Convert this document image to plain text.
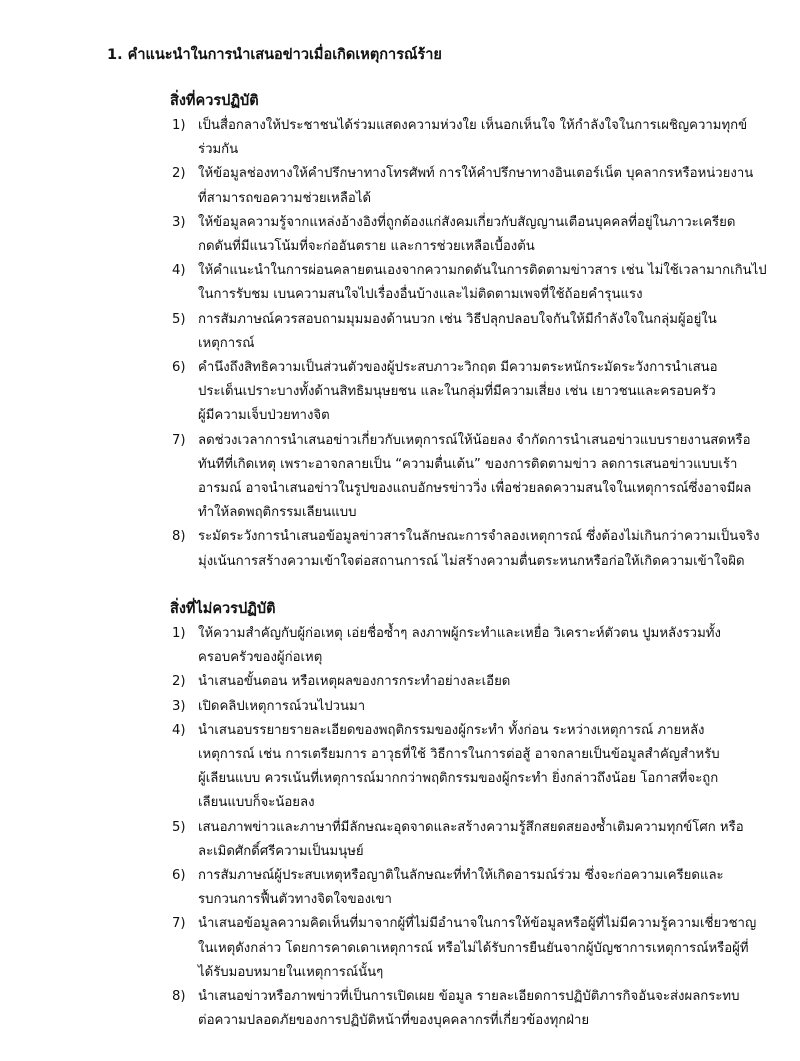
1. คำแนะนำในการนำเสนอข่าวเมื่อเกิดเหตุการณ์ร้าย
สิ่งที่ควรปฏิบัติ
1) เป็นสื่อกลางให้ประชาชนได้ร่วมแสดงความห่วงใย เห็นอกเห็นใจ ให้กำลังใจในการเผชิญความทุกข์
ร่วมกัน
2) ให้ข้อมูลช่องทางให้คำปรึกษาทางโทรศัพท์ การให้คำปรึกษาทางอินเตอร์เน็ต บุคลากรหรือหน่วยงาน
ที่สามารถขอความช่วยเหลือได้
3) ให้ข้อมูลความรู้จากแหล่งอ้างอิงที่ถูกต้องแก่สังคมเกี่ยวกับสัญญานเตือนบุคคลที่อยู่ในภาวะเครียด
กดดันที่มีแนวโน้มที่จะก่ออันตราย และการช่วยเหลือเบื้องต้น
4) ให้คำแนะนำในการผ่อนคลายตนเองจากความกดดันในการติดตามข่าวสาร เช่น ไม่ใช้เวลามากเกินไป
ในการรับชม เบนความสนใจไปเรื่องอื่นบ้างและไม่ติดตามเพจที่ใช้ถ้อยคำรุนแรง
5) การสัมภาษณ์ควรสอบถามมุมมองด้านบวก เช่น วิธีปลุกปลอบใจกันให้มีกำลังใจในกลุ่มผู้อยู่ใน
เหตุการณ์
6) คำนึงถึงสิทธิความเป็นส่วนตัวของผู้ประสบภาวะวิกฤต มีความตระหนักระมัดระวังการนำเสนอ
ประเด็นเปราะบางทั้งด้านสิทธิมนุษยชน และในกลุ่มที่มีความเสี่ยง เช่น เยาวชนและครอบครัว
ผู้มีความเจ็บป่วยทางจิต
7) ลดช่วงเวลาการนำเสนอข่าวเกี่ยวกับเหตุการณ์ให้น้อยลง จำกัดการนำเสนอข่าวแบบรายงานสดหรือ
ทันทีที่เกิดเหตุ เพราะอาจกลายเป็น “ความตื่นเต้น” ของการติดตามข่าว ลดการเสนอข่าวแบบเร้า
อารมณ์ อาจนำเสนอข่าวในรูปของแถบอักษรข่าววิ่ง เพื่อช่วยลดความสนใจในเหตุการณ์ซึ่งอาจมีผล
ทำให้ลดพฤติกรรมเลียนแบบ
8) ระมัดระวังการนำเสนอข้อมูลข่าวสารในลักษณะการจำลองเหตุการณ์ ซึ่งต้องไม่เกินกว่าความเป็นจริง
มุ่งเน้นการสร้างความเข้าใจต่อสถานการณ์ ไม่สร้างความตื่นตระหนกหรือก่อให้เกิดความเข้าใจผิด
สิ่งที่ไม่ควรปฏิบัติ
1) ให้ความสำคัญกับผู้ก่อเหตุ เอ่ยชื่อซ้ำๆ ลงภาพผู้กระทำและเหยื่อ วิเคราะห์ตัวตน ปูมหลังรวมทั้ง
ครอบครัวของผู้ก่อเหตุ
2) นำเสนอขั้นตอน หรือเหตุผลของการกระทำอย่างละเอียด
3) เปิดคลิปเหตุการณ์วนไปวนมา
4) นำเสนอบรรยายรายละเอียดของพฤติกรรมของผู้กระทำ ทั้งก่อน ระหว่างเหตุการณ์ ภายหลัง
เหตุการณ์ เช่น การเตรียมการ อาวุธที่ใช้ วิธีการในการต่อสู้ อาจกลายเป็นข้อมูลสำคัญสำหรับ
ผู้เลียนแบบ ควรเน้นที่เหตุการณ์มากกว่าพฤติกรรมของผู้กระทำ ยิ่งกล่าวถึงน้อย โอกาสที่จะถูก
เลียนแบบก็จะน้อยลง
5) เสนอภาพข่าวและภาษาที่มีลักษณะอุดจาดและสร้างความรู้สึกสยดสยองซ้ำเติมความทุกข์โศก หรือ
ละเมิดศักดิ์ศรีความเป็นมนุษย์
6) การสัมภาษณ์ผู้ประสบเหตุหรือญาติในลักษณะที่ทำให้เกิดอารมณ์ร่วม ซึ่งจะก่อความเครียดและ
รบกวนการฟื้นตัวทางจิตใจของเขา
7) นำเสนอข้อมูลความคิดเห็นที่มาจากผู้ที่ไม่มีอำนาจในการให้ข้อมูลหรือผู้ที่ไม่มีความรู้ความเชี่ยวชาญ
ในเหตุดังกล่าว โดยการคาดเดาเหตุการณ์ หรือไม่ได้รับการยืนยันจากผู้บัญชาการเหตุการณ์หรือผู้ที่
ได้รับมอบหมายในเหตุการณ์นั้นๆ
8) นำเสนอข่าวหรือภาพข่าวที่เป็นการเปิดเผย ข้อมูล รายละเอียดการปฏิบัติภารกิจอันจะส่งผลกระทบ
ต่อความปลอดภัยของการปฏิบัติหน้าที่ของบุคคลากรที่เกี่ยวข้องทุกฝ่าย
